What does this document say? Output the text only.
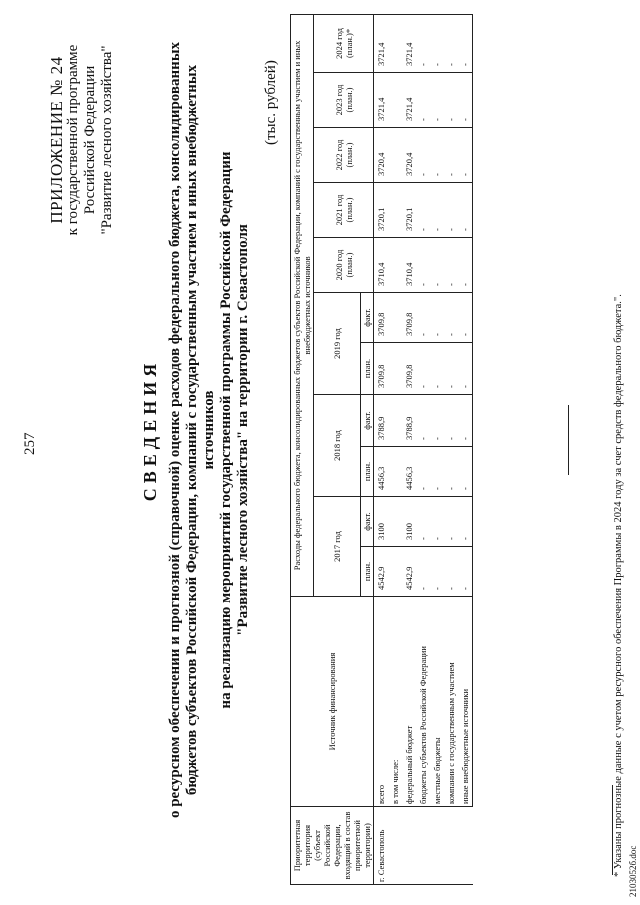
257
ПРИЛОЖЕНИЕ № 24 к государственной программе Российской Федерации "Развитие лесного хозяйства"
СВЕДЕНИЯ о ресурсном обеспечении и прогнозной (справочной) оценке расходов федерального бюджета, консолидированных бюджетов субъектов Российской Федерации, компаний с государственным участием и иных внебюджетных источников на реализацию мероприятий государственной программы Российской Федерации "Развитие лесного хозяйства" на территории г. Севастополя
(тыс. рублей)
Приоритетная территория (субъект Российской Федерации, входящий в состав приоритетной территории)	Источник финансирования	Расходы федерального бюджета, консолидированных бюджетов субъектов Российской Федерации, компаний с государственным участием и иных внебюджетных источников										
		2017 год		2018 год		2019 год		2020 год (план.)	2021 год (план.)	2022 год (план.)	2023 год (план.)	2024 год (план.)*
		план.	факт.	план.	факт.	план.	факт.					
г. Севастополь	всего	4542,9	3100	4456,3	3788,9	3709,8	3709,8	3710,4	3720,1	3720,4	3721,4	3721,4
	в том числе:											
	федеральный бюджет	4542,9	3100	4456,3	3788,9	3709,8	3709,8	3710,4	3720,1	3720,4	3721,4	3721,4
	бюджеты субъектов Российской Федерации	-	-	-	-	-	-	-	-	-	-	-
	местные бюджеты	-	-	-	-	-	-	-	-	-	-	-
	компании с государственным участием	-	-	-	-	-	-	-	-	-	-	-
	иные внебюджетные источники	-	-	-	-	-	-	-	-	-	-	-
* Указаны прогнозные данные с учетом ресурсного обеспечения Программы в 2024 году за счет средств федерального бюджета.". 2103052б.doc
